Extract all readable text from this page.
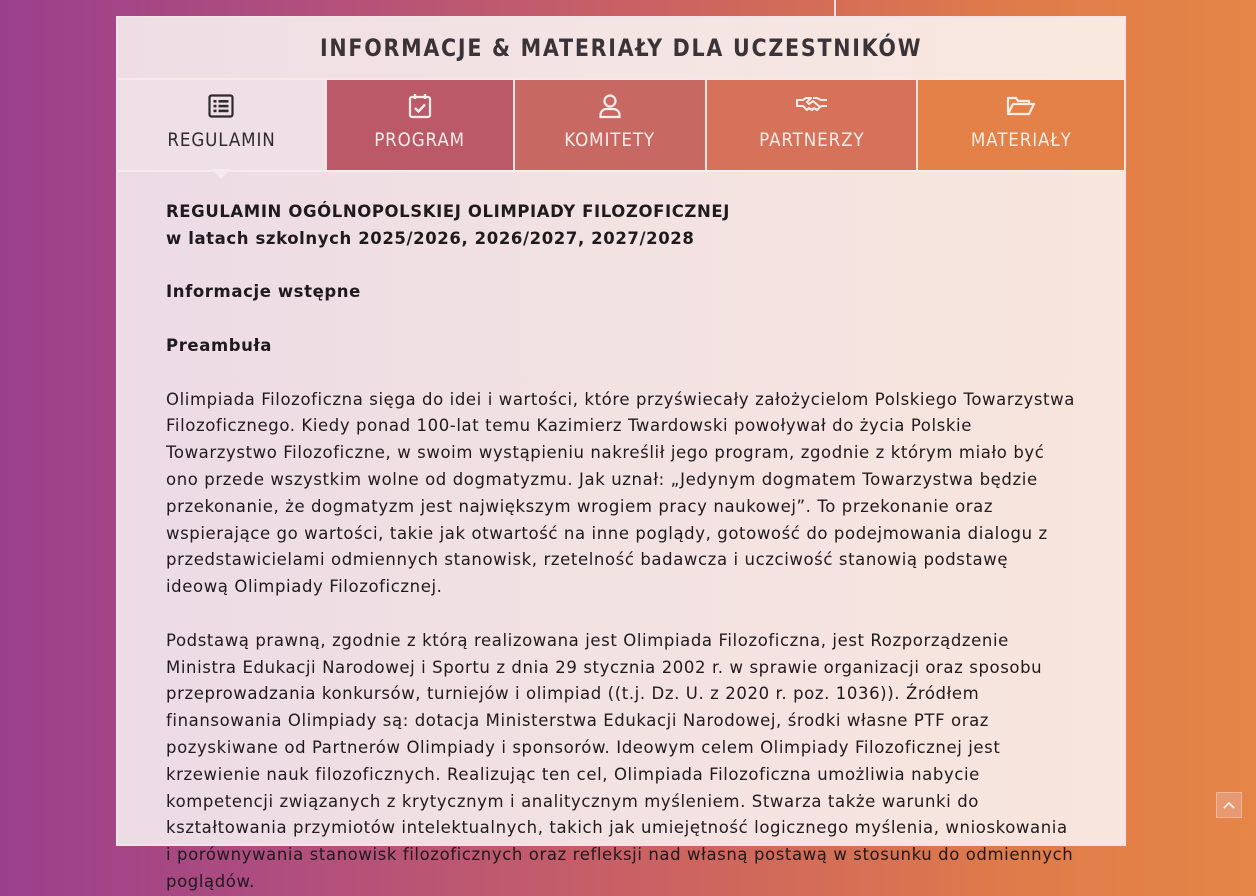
INFORMACJE & MATERIAŁY DLA UCZESTNIKÓW
REGULAMIN	PROGRAM	KOMITETY	PARTNERZY	MATERIAŁY

REGULAMIN OGÓLNOPOLSKIEJ OLIMPIADY FILOZOFICZNEJ
w latach szkolnych 2025/2026, 2026/2027, 2027/2028

Informacje wstępne

Preambuła

Olimpiada Filozoficzna sięga do idei i wartości, które przyświecały założycielom Polskiego Towarzystwa Filozoficznego. Kiedy ponad 100-lat temu Kazimierz Twardowski powoływał do życia Polskie Towarzystwo Filozoficzne, w swoim wystąpieniu nakreślił jego program, zgodnie z którym miało być ono przede wszystkim wolne od dogmatyzmu. Jak uznał: „Jedynym dogmatem Towarzystwa będzie przekonanie, że dogmatyzm jest największym wrogiem pracy naukowej”. To przekonanie oraz wspierające go wartości, takie jak otwartość na inne poglądy, gotowość do podejmowania dialogu z przedstawicielami odmiennych stanowisk, rzetelność badawcza i uczciwość stanowią podstawę ideową Olimpiady Filozoficznej.

Podstawą prawną, zgodnie z którą realizowana jest Olimpiada Filozoficzna, jest Rozporządzenie Ministra Edukacji Narodowej i Sportu z dnia 29 stycznia 2002 r. w sprawie organizacji oraz sposobu przeprowadzania konkursów, turniejów i olimpiad ((t.j. Dz. U. z 2020 r. poz. 1036)). Źródłem finansowania Olimpiady są: dotacja Ministerstwa Edukacji Narodowej, środki własne PTF oraz pozyskiwane od Partnerów Olimpiady i sponsorów. Ideowym celem Olimpiady Filozoficznej jest krzewienie nauk filozoficznych. Realizując ten cel, Olimpiada Filozoficzna umożliwia nabycie kompetencji związanych z krytycznym i analitycznym myśleniem. Stwarza także warunki do kształtowania przymiotów intelektualnych, takich jak umiejętność logicznego myślenia, wnioskowania i porównywania stanowisk filozoficznych oraz refleksji nad własną postawą w stosunku do odmiennych poglądów.
